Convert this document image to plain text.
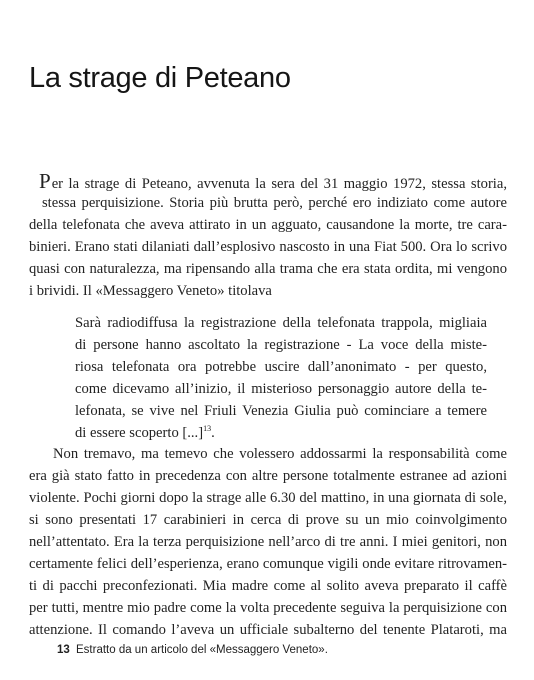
La strage di Peteano
Per la strage di Peteano, avvenuta la sera del 31 maggio 1972, stessa storia,
stessa perquisizione. Storia più brutta però, perché ero indiziato come autore
della telefonata che aveva attirato in un agguato, causandone la morte, tre cara-
binieri. Erano stati dilaniati dall’esplosivo nascosto in una Fiat 500. Ora lo scrivo
quasi con naturalezza, ma ripensando alla trama che era stata ordita, mi vengono
i brividi. Il «Messaggero Veneto» titolava
Sarà radiodiffusa la registrazione della telefonata trappola, migliaia
di persone hanno ascoltato la registrazione - La voce della miste-
riosa telefonata ora potrebbe uscire dall’anonimato - per questo,
come dicevamo all’inizio, il misterioso personaggio autore della te-
lefonata, se vive nel Friuli Venezia Giulia può cominciare a temere
di essere scoperto [...]$^{13}$.
Non tremavo, ma temevo che volessero addossarmi la responsabilità come
era già stato fatto in precedenza con altre persone totalmente estranee ad azioni
violente. Pochi giorni dopo la strage alle 6.30 del mattino, in una giornata di sole,
si sono presentati 17 carabinieri in cerca di prove su un mio coinvolgimento
nell’attentato. Era la terza perquisizione nell’arco di tre anni. I miei genitori, non
certamente felici dell’esperienza, erano comunque vigili onde evitare ritrovamen-
ti di pacchi preconfezionati. Mia madre come al solito aveva preparato il caffè
per tutti, mentre mio padre come la volta precedente seguiva la perquisizione con
attenzione. Il comando l’aveva un ufficiale subalterno del tenente Plataroti, ma
13 Estratto da un articolo del «Messaggero Veneto».
